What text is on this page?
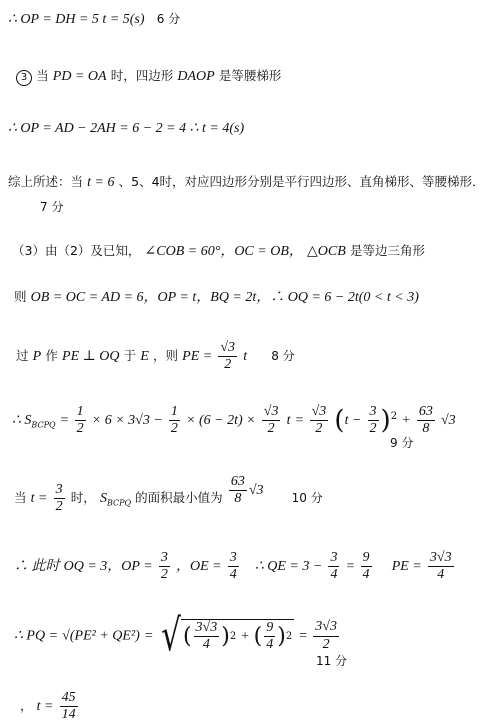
∴ OP = DH = 5 t = 5(s) 6 分
3 当 PD = OA 时，四边形 DAOP 是等腰梯形
∴ OP = AD − 2AH = 6 − 2 = 4 ∴ t = 4(s)
综上所述：当 t = 6 、5、4时，对应四边形分别是平行四边形、直角梯形、等腰梯形．
7 分
（3）由（2）及已知， ∠COB = 60°，OC = OB， △OCB 是等边三角形
则 OB = OC = AD = 6，OP = t，BQ = 2t，∴ OQ = 6 − 2t(0 < t < 3)
过 P 作 PE ⊥ OQ 于 E ，则 PE = $\frac{√3}{2}$ t 8 分
∴ $S_{BCPQ} = \frac{1}{2} \times 6 \times 3√3 - \frac{1}{2} \times (6 - 2t) \times \frac{√3}{2}$ $t = \frac{√3}{2} (t - \frac{3}{2} )^2 + \frac{63}{8} √3$
9 分
当 $t = \frac{3}{2}$ 时， $S_{BCPQ}$ 的面积最小值为 $\frac{63}{8} √3$ 10 分
∴ 此时 OQ = 3，OP = $\frac{3}{2}$ ，OE = $\frac{3}{4}$ ∴ QE = $3 - \frac{3}{4} = \frac{9}{4}$ PE = $\frac{3√3}{4}$
∴ PQ = √(PE² + QE²) = √ ( $\frac{3√3}{4}$ ) 2 + ( $\frac{9}{4}$ ) $2 = \frac{3√3}{2}$
11 分
， $t = \frac{45}{14}$
